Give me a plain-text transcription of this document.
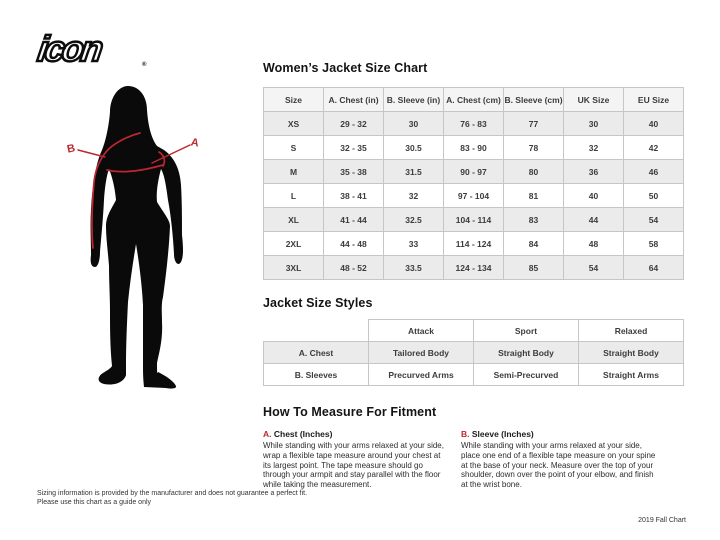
icon	®
A
B
Women’s Jacket Size Chart
Size	A. Chest (in)	B. Sleeve (in)	A. Chest (cm)	B. Sleeve (cm)	UK Size	EU Size
XS	29 - 32	30	76 - 83	77	30	40
S	32 - 35	30.5	83 - 90	78	32	42
M	35 - 38	31.5	90 - 97	80	36	46
L	38 - 41	32	97 - 104	81	40	50
XL	41 - 44	32.5	104 - 114	83	44	54
2XL	44 - 48	33	114 - 124	84	48	58
3XL	48 - 52	33.5	124 - 134	85	54	64
Jacket Size Styles
	Attack	Sport	Relaxed
A. Chest	Tailored Body	Straight Body	Straight Body
B. Sleeves	Precurved Arms	Semi-Precurved	Straight Arms
How To Measure For Fitment
A. Chest (Inches)
While standing with your arms relaxed at your side, wrap a flexible tape measure around your chest at its largest point. The tape measure should go through your armpit and stay parallel with the floor while taking the measurement.
B. Sleeve (Inches)
While standing with your arms relaxed at your side, place one end of a flexible tape measure on your spine at the base of your neck. Measure over the top of your shoulder, down over the point of your elbow, and finish at the wrist bone.
Sizing information is provided by the manufacturer and does not guarantee a perfect fit.
Please use this chart as a guide only
2019 Fall Chart
